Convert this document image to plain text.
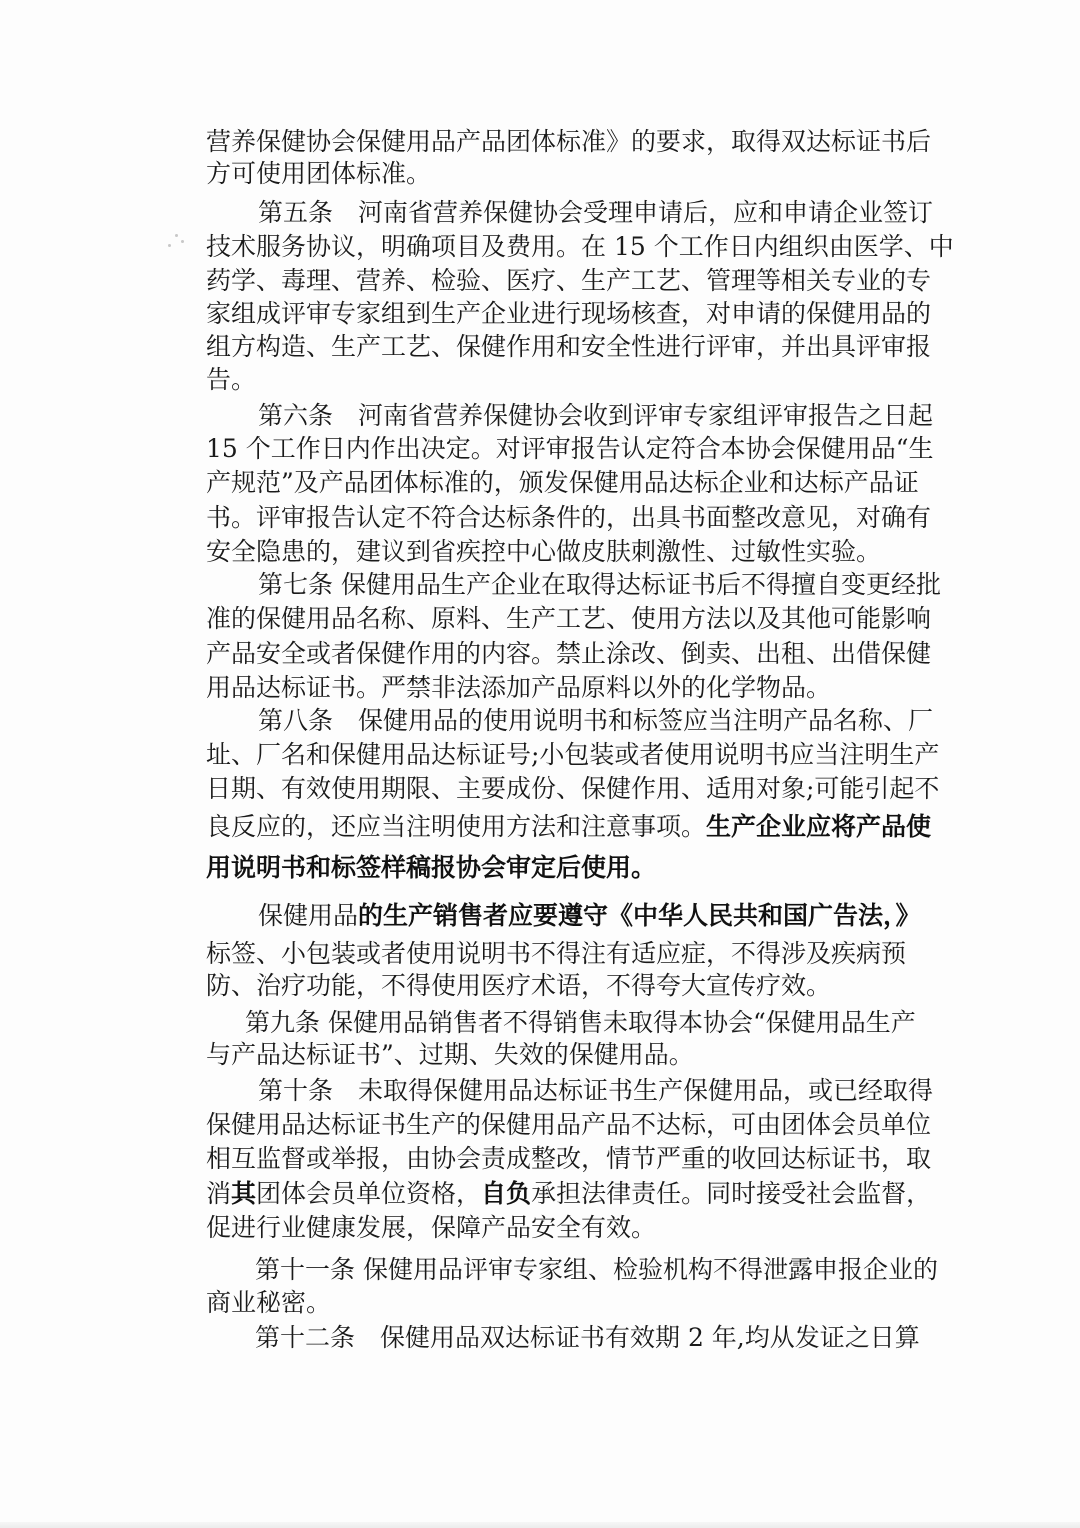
营养保健协会保健用品产品团体标准》的要求，取得双达标证书后
方可使用团体标准。
第五条　河南省营养保健协会受理申请后，应和申请企业签订
技术服务协议，明确项目及费用。在 15 个工作日内组织由医学、中
药学、毒理、营养、检验、医疗、生产工艺、管理等相关专业的专
家组成评审专家组到生产企业进行现场核查，对申请的保健用品的
组方构造、生产工艺、保健作用和安全性进行评审，并出具评审报
告。
第六条　河南省营养保健协会收到评审专家组评审报告之日起
15 个工作日内作出决定。对评审报告认定符合本协会保健用品“生
产规范”及产品团体标准的，颁发保健用品达标企业和达标产品证
书。评审报告认定不符合达标条件的，出具书面整改意见，对确有
安全隐患的，建议到省疾控中心做皮肤刺激性、过敏性实验。
第七条 保健用品生产企业在取得达标证书后不得擅自变更经批
准的保健用品名称、原料、生产工艺、使用方法以及其他可能影响
产品安全或者保健作用的内容。禁止涂改、倒卖、出租、出借保健
用品达标证书。严禁非法添加产品原料以外的化学物品。
第八条　保健用品的使用说明书和标签应当注明产品名称、厂
址、厂名和保健用品达标证号;小包装或者使用说明书应当注明生产
日期、有效使用期限、主要成份、保健作用、适用对象;可能引起不
良反应的，还应当注明使用方法和注意事项。生产企业应将产品使
用说明书和标签样稿报协会审定后使用。
保健用品的生产销售者应要遵守《中华人民共和国广告法，》
标签、小包装或者使用说明书不得注有适应症，不得涉及疾病预
防、治疗功能，不得使用医疗术语，不得夸大宣传疗效。
第九条 保健用品销售者不得销售未取得本协会“保健用品生产
与产品达标证书”、过期、失效的保健用品。
第十条　未取得保健用品达标证书生产保健用品，或已经取得
保健用品达标证书生产的保健用品产品不达标，可由团体会员单位
相互监督或举报，由协会责成整改，情节严重的收回达标证书，取
消其团体会员单位资格，自负承担法律责任。同时接受社会监督，
促进行业健康发展，保障产品安全有效。
第十一条 保健用品评审专家组、检验机构不得泄露申报企业的
商业秘密。
第十二条　保健用品双达标证书有效期 2 年,均从发证之日算
